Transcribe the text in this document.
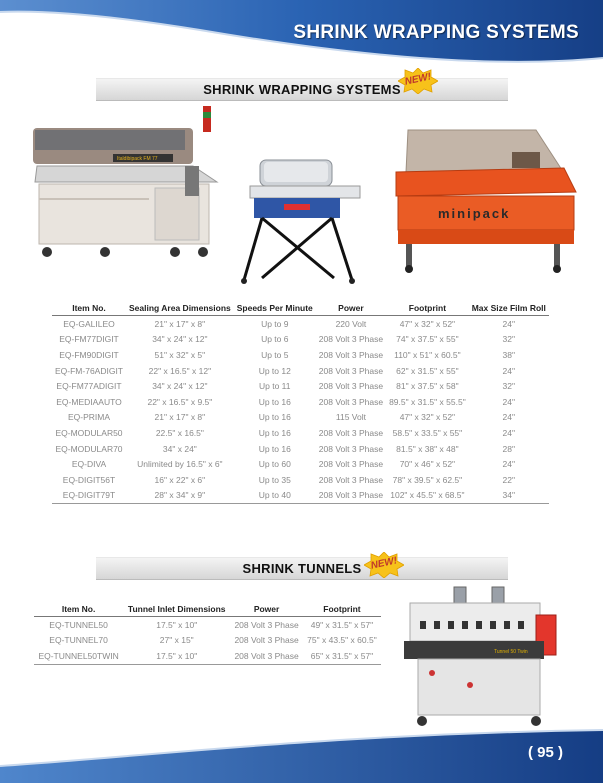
SHRINK WRAPPING SYSTEMS
SHRINK WRAPPING SYSTEMS
NEW!
Italdibipack FM 77
minipack
Item No.	Sealing Area Dimensions	Speeds Per Minute	Power	Footprint	Max Size Film Roll
EQ-GALILEO	21" x 17" x 8"	Up to 9	220 Volt	47" x 32" x 52"	24"
EQ-FM77DIGIT	34" x 24" x 12"	Up to 6	208 Volt 3 Phase	74" x 37.5" x 55"	32"
EQ-FM90DIGIT	51" x 32" x 5"	Up to 5	208 Volt 3 Phase	110" x 51" x 60.5"	38"
EQ-FM-76ADIGIT	22" x 16.5" x 12"	Up to 12	208 Volt 3 Phase	62" x 31.5" x 55"	24"
EQ-FM77ADIGIT	34" x 24" x 12"	Up to 11	208 Volt 3 Phase	81" x 37.5" x 58"	32"
EQ-MEDIAAUTO	22" x 16.5" x 9.5"	Up to 16	208 Volt 3 Phase	89.5" x 31.5" x 55.5"	24"
EQ-PRIMA	21" x 17" x 8"	Up to 16	115 Volt	47" x 32" x 52"	24"
EQ-MODULAR50	22.5" x 16.5"	Up to 16	208 Volt 3 Phase	58.5" x 33.5" x 55"	24"
EQ-MODULAR70	34" x 24"	Up to 16	208 Volt 3 Phase	81.5" x 38" x 48"	28"
EQ-DIVA	Unlimited by 16.5" x 6"	Up to 60	208 Volt 3 Phase	70" x 46" x 52"	24"
EQ-DIGIT56T	16" x 22" x 6"	Up to 35	208 Volt 3 Phase	78" x 39.5" x 62.5"	22"
EQ-DIGIT79T	28" x 34" x 9"	Up to 40	208 Volt 3 Phase	102" x 45.5" x 68.5"	34"
SHRINK TUNNELS NEW!
Item No.	Tunnel Inlet Dimensions	Power	Footprint
EQ-TUNNEL50	17.5" x 10"	208 Volt 3 Phase	49" x 31.5" x 57"
EQ-TUNNEL70	27" x 15"	208 Volt 3 Phase	75" x 43.5" x 60.5"
EQ-TUNNEL50TWIN	17.5" x 10"	208 Volt 3 Phase	65" x 31.5" x 57"	Tunnel 50 Twin
( 95 )
